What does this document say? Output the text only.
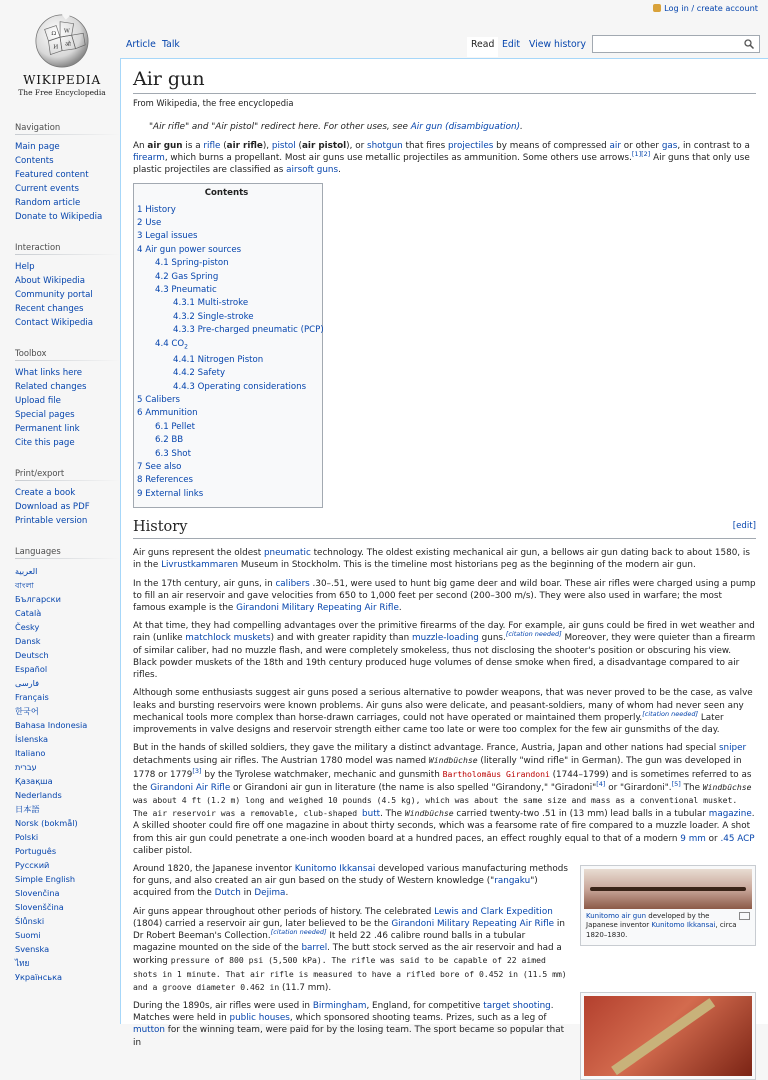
Ω W
И ओ
WIKIPEDIA
The Free Encyclopedia
Log in / create account
Article Talk	Read Edit View history
Navigation
Main page
Contents
Featured content
Current events
Random article
Donate to Wikipedia
Interaction
Help
About Wikipedia
Community portal
Recent changes
Contact Wikipedia
Toolbox
What links here
Related changes
Upload file
Special pages
Permanent link
Cite this page
Print/export
Create a book
Download as PDF
Printable version
Languages
العربية
বাংলা
Български
Català
Česky
Dansk
Deutsch
Español
فارسی
Français
한국어
Bahasa Indonesia
Íslenska
Italiano
עברית
Қазақша
Nederlands
日本語
Norsk (bokmål)
Polski
Português
Русский
Simple English
Slovenčina
Slovenščina
Ślůnski
Suomi
Svenska
ไทย
Українська
Air gun
From Wikipedia, the free encyclopedia
"Air rifle" and "Air pistol" redirect here. For other uses, see Air gun (disambiguation).

An air gun is a rifle (air rifle), pistol (air pistol), or shotgun that fires projectiles by means of compressed air or other gas, in contrast to a firearm, which burns a propellant. Most air guns use metallic projectiles as ammunition. Some others use arrows.[1][2] Air guns that only use plastic projectiles are classified as airsoft guns.

Contents
1 History
2 Use
3 Legal issues
4 Air gun power sources
4.1 Spring-piston
4.2 Gas Spring
4.3 Pneumatic
4.3.1 Multi-stroke
4.3.2 Single-stroke
4.3.3 Pre-charged pneumatic (PCP)
4.4 $CO_2$
4.4.1 Nitrogen Piston
4.4.2 Safety
4.4.3 Operating considerations
5 Calibers
6 Ammunition
6.1 Pellet
6.2 BB
6.3 Shot
7 See also
8 References
9 External links
History	[edit]

Air guns represent the oldest pneumatic technology. The oldest existing mechanical air gun, a bellows air gun dating back to about 1580, is in the Livrustkammaren Museum in Stockholm. This is the timeline most historians peg as the beginning of the modern air gun.

In the 17th century, air guns, in calibers .30–.51, were used to hunt big game deer and wild boar. These air rifles were charged using a pump to fill an air reservoir and gave velocities from 650 to 1,000 feet per second (200–300 m/s). They were also used in warfare; the most famous example is the Girandoni Military Repeating Air Rifle.

At that time, they had compelling advantages over the primitive firearms of the day. For example, air guns could be fired in wet weather and rain (unlike matchlock muskets) and with greater rapidity than muzzle-loading guns.[citation needed] Moreover, they were quieter than a firearm of similar caliber, had no muzzle flash, and were completely smokeless, thus not disclosing the shooter's position or obscuring his view. Black powder muskets of the 18th and 19th century produced huge volumes of dense smoke when fired, a disadvantage compared to air rifles.

Although some enthusiasts suggest air guns posed a serious alternative to powder weapons, that was never proved to be the case, as valve leaks and bursting reservoirs were known problems. Air guns also were delicate, and peasant-soldiers, many of whom had never seen any mechanical tools more complex than horse-drawn carriages, could not have operated or maintained them properly.[citation needed] Later improvements in valve designs and reservoir strength either came too late or were too complex for the few air gunsmiths of the day.

But in the hands of skilled soldiers, they gave the military a distinct advantage. France, Austria, Japan and other nations had special sniper detachments using air rifles. The Austrian 1780 model was named Windbüchse (literally "wind rifle" in German). The gun was developed in 1778 or 1779[3] by the Tyrolese watchmaker, mechanic and gunsmith Bartholomäus Girandoni (1744–1799) and is sometimes referred to as the Girandoni Air Rifle or Girandoni air gun in literature (the name is also spelled "Girandony," "Giradoni"[4] or "Girardoni".[5] The Windbüchse was about 4 ft (1.2 m) long and weighed 10 pounds (4.5 kg), which was about the same size and mass as a conventional musket. The air reservoir was a removable, club-shaped butt. The Windbüchse carried twenty-two .51 in (13 mm) lead balls in a tubular magazine. A skilled shooter could fire off one magazine in about thirty seconds, which was a fearsome rate of fire compared to a muzzle loader. A shot from this air gun could penetrate a one-inch wooden board at a hundred paces, an effect roughly equal to that of a modern 9 mm or .45 ACP caliber pistol.

Kunitomo air gun developed by the Japanese inventor Kunitomo Ikkansai, circa 1820–1830.

Around 1820, the Japanese inventor Kunitomo Ikkansai developed various manufacturing methods for guns, and also created an air gun based on the study of Western knowledge ("rangaku") acquired from the Dutch in Dejima.

Air guns appear throughout other periods of history. The celebrated Lewis and Clark Expedition (1804) carried a reservoir air gun, later believed to be the Girandoni Military Repeating Air Rifle in Dr Robert Beeman's Collection.[citation needed] It held 22 .46 calibre round balls in a tubular magazine mounted on the side of the barrel. The butt stock served as the air reservoir and had a working pressure of 800 psi (5,500 kPa). The rifle was said to be capable of 22 aimed shots in 1 minute. That air rifle is measured to have a rifled bore of 0.452 in (11.5 mm) and a groove diameter 0.462 in (11.7 mm).

During the 1890s, air rifles were used in Birmingham, England, for competitive target shooting. Matches were held in public houses, which sponsored shooting teams. Prizes, such as a leg of mutton for the winning team, were paid for by the losing team. The sport became so popular that in
